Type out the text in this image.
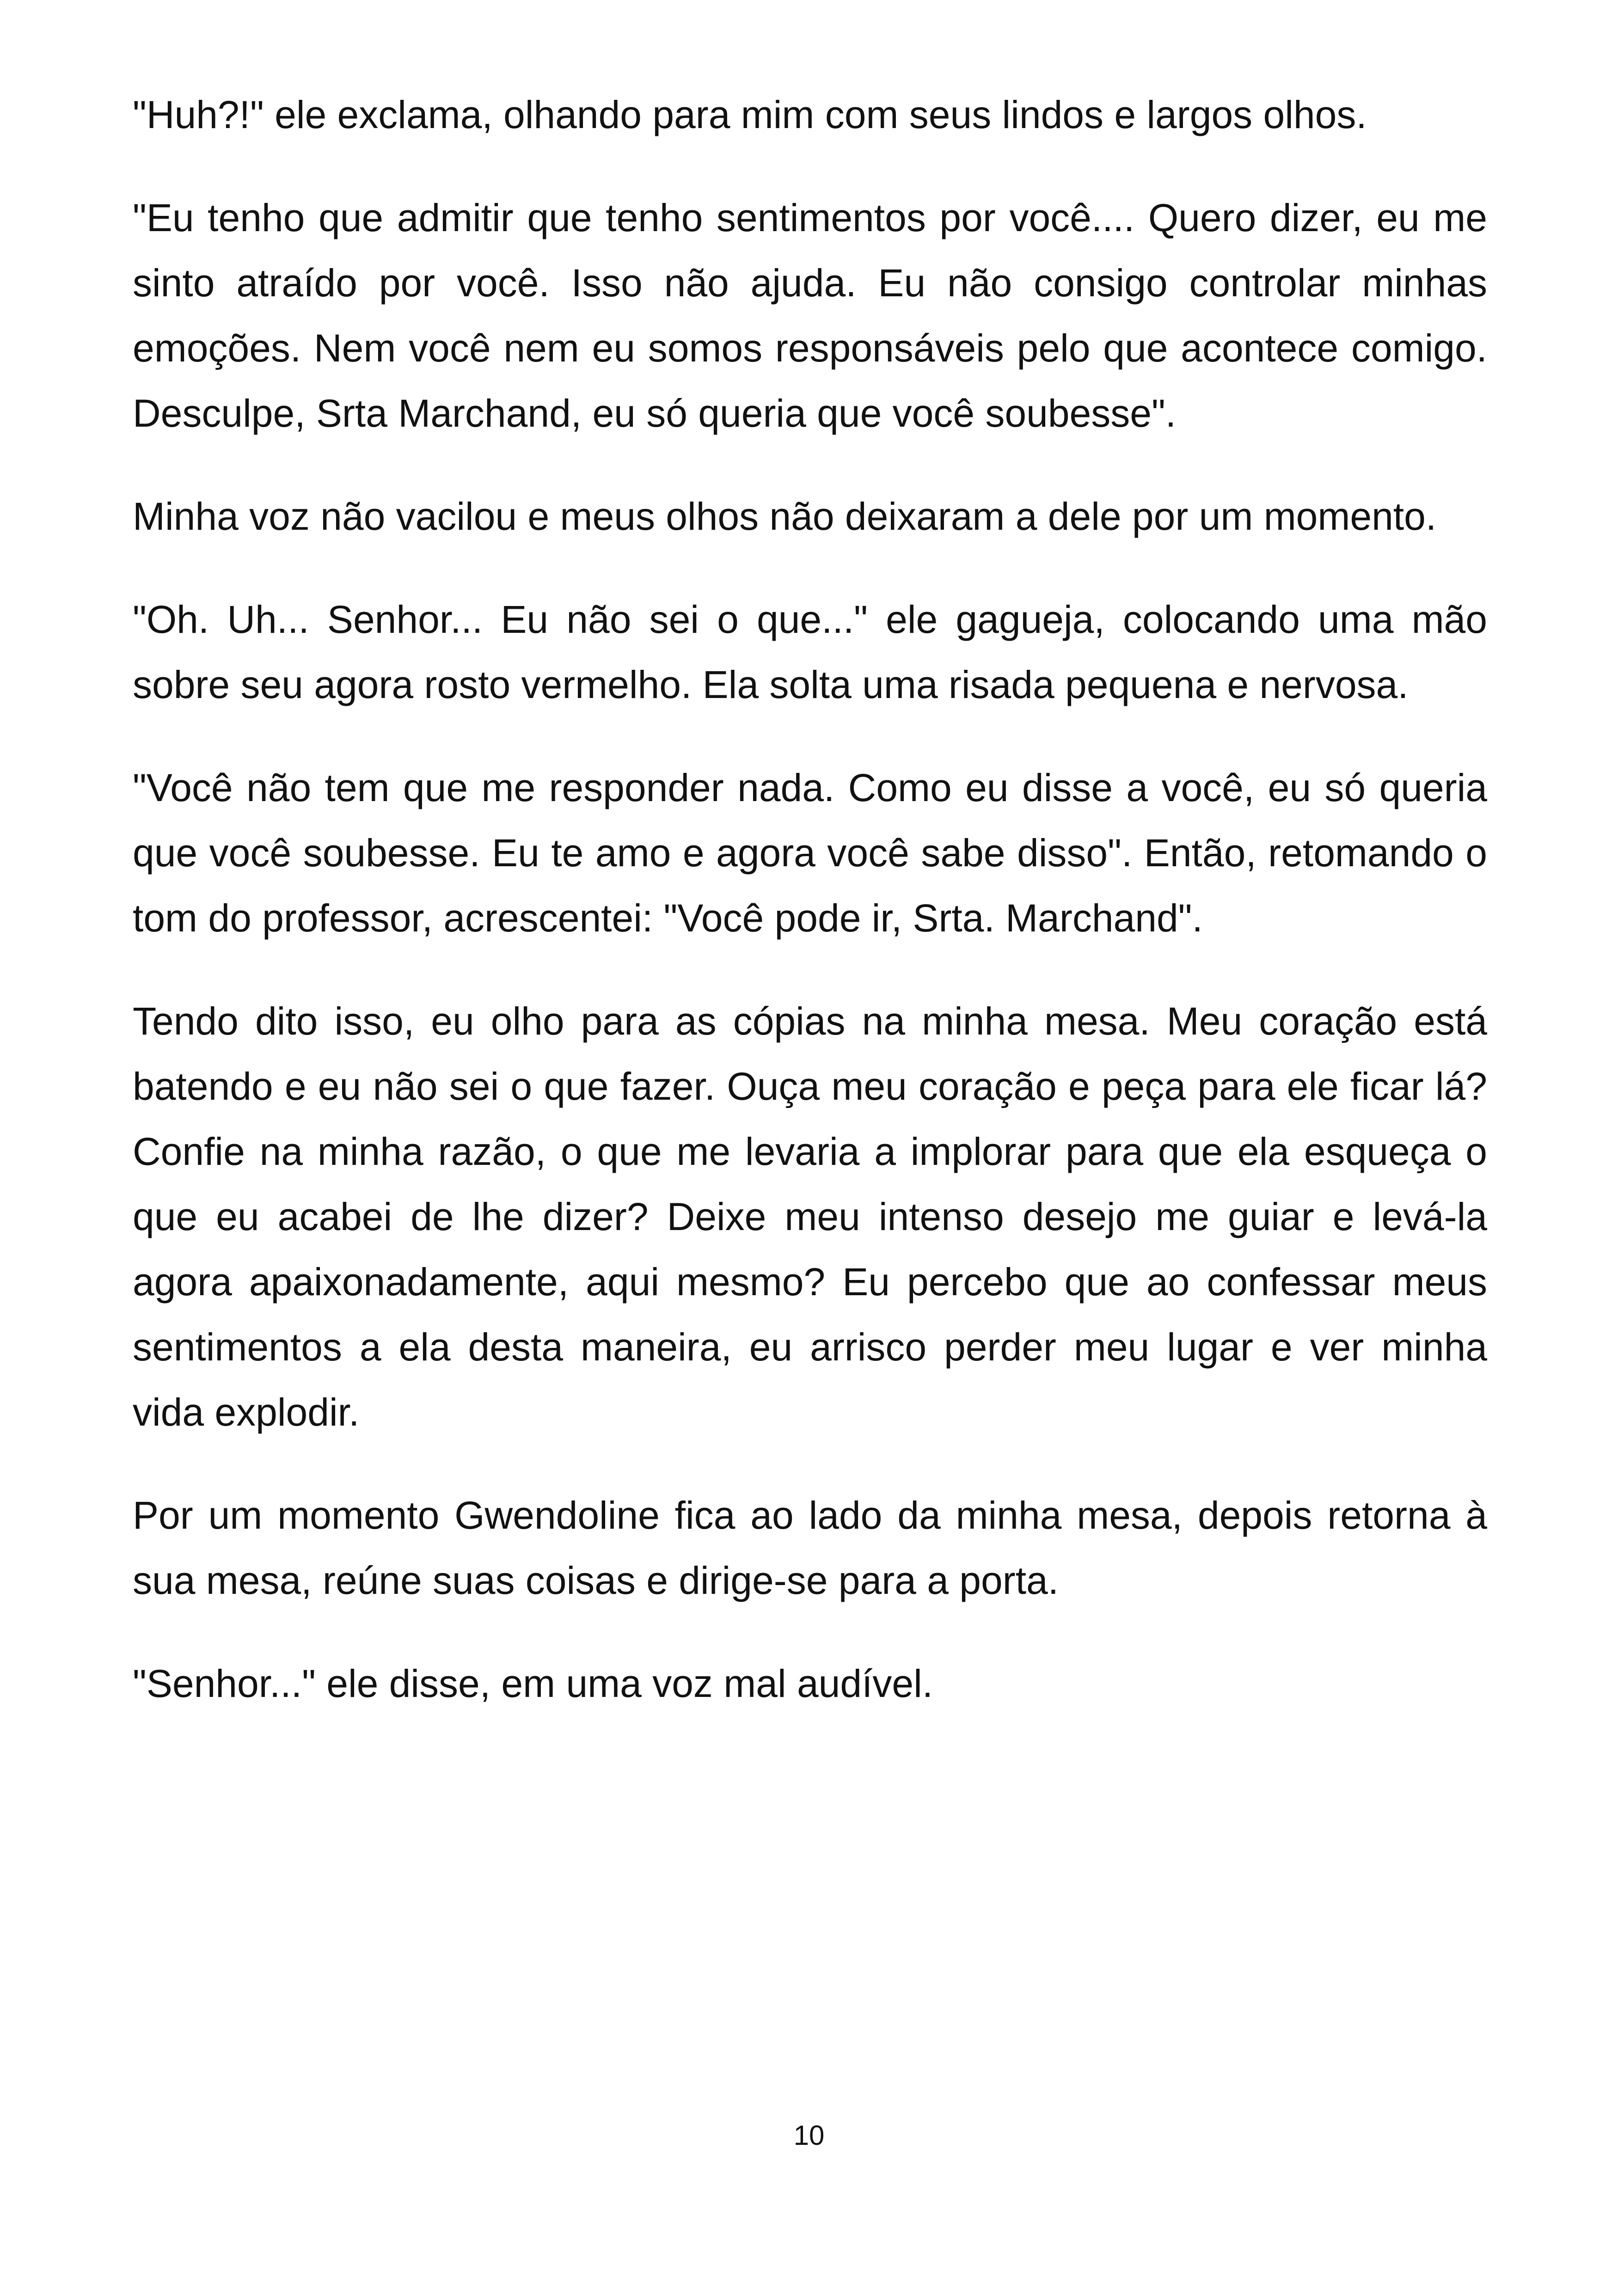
"Huh?!" ele exclama, olhando para mim com seus lindos e largos olhos.

"Eu tenho que admitir que tenho sentimentos por você.... Quero dizer, eu me sinto atraído por você. Isso não ajuda. Eu não consigo controlar minhas emoções. Nem você nem eu somos responsáveis pelo que acontece comigo. Desculpe, Srta Marchand, eu só queria que você soubesse".

Minha voz não vacilou e meus olhos não deixaram a dele por um momento.

"Oh. Uh... Senhor... Eu não sei o que..." ele gagueja, colocando uma mão sobre seu agora rosto vermelho. Ela solta uma risada pequena e nervosa.

"Você não tem que me responder nada. Como eu disse a você, eu só queria que você soubesse. Eu te amo e agora você sabe disso". Então, retomando o tom do professor, acrescentei: "Você pode ir, Srta. Marchand".

Tendo dito isso, eu olho para as cópias na minha mesa. Meu coração está batendo e eu não sei o que fazer. Ouça meu coração e peça para ele ficar lá? Confie na minha razão, o que me levaria a implorar para que ela esqueça o que eu acabei de lhe dizer? Deixe meu intenso desejo me guiar e levá-la agora apaixonadamente, aqui mesmo? Eu percebo que ao confessar meus sentimentos a ela desta maneira, eu arrisco perder meu lugar e ver minha vida explodir.

Por um momento Gwendoline fica ao lado da minha mesa, depois retorna à sua mesa, reúne suas coisas e dirige-se para a porta.

"Senhor..." ele disse, em uma voz mal audível.

10
